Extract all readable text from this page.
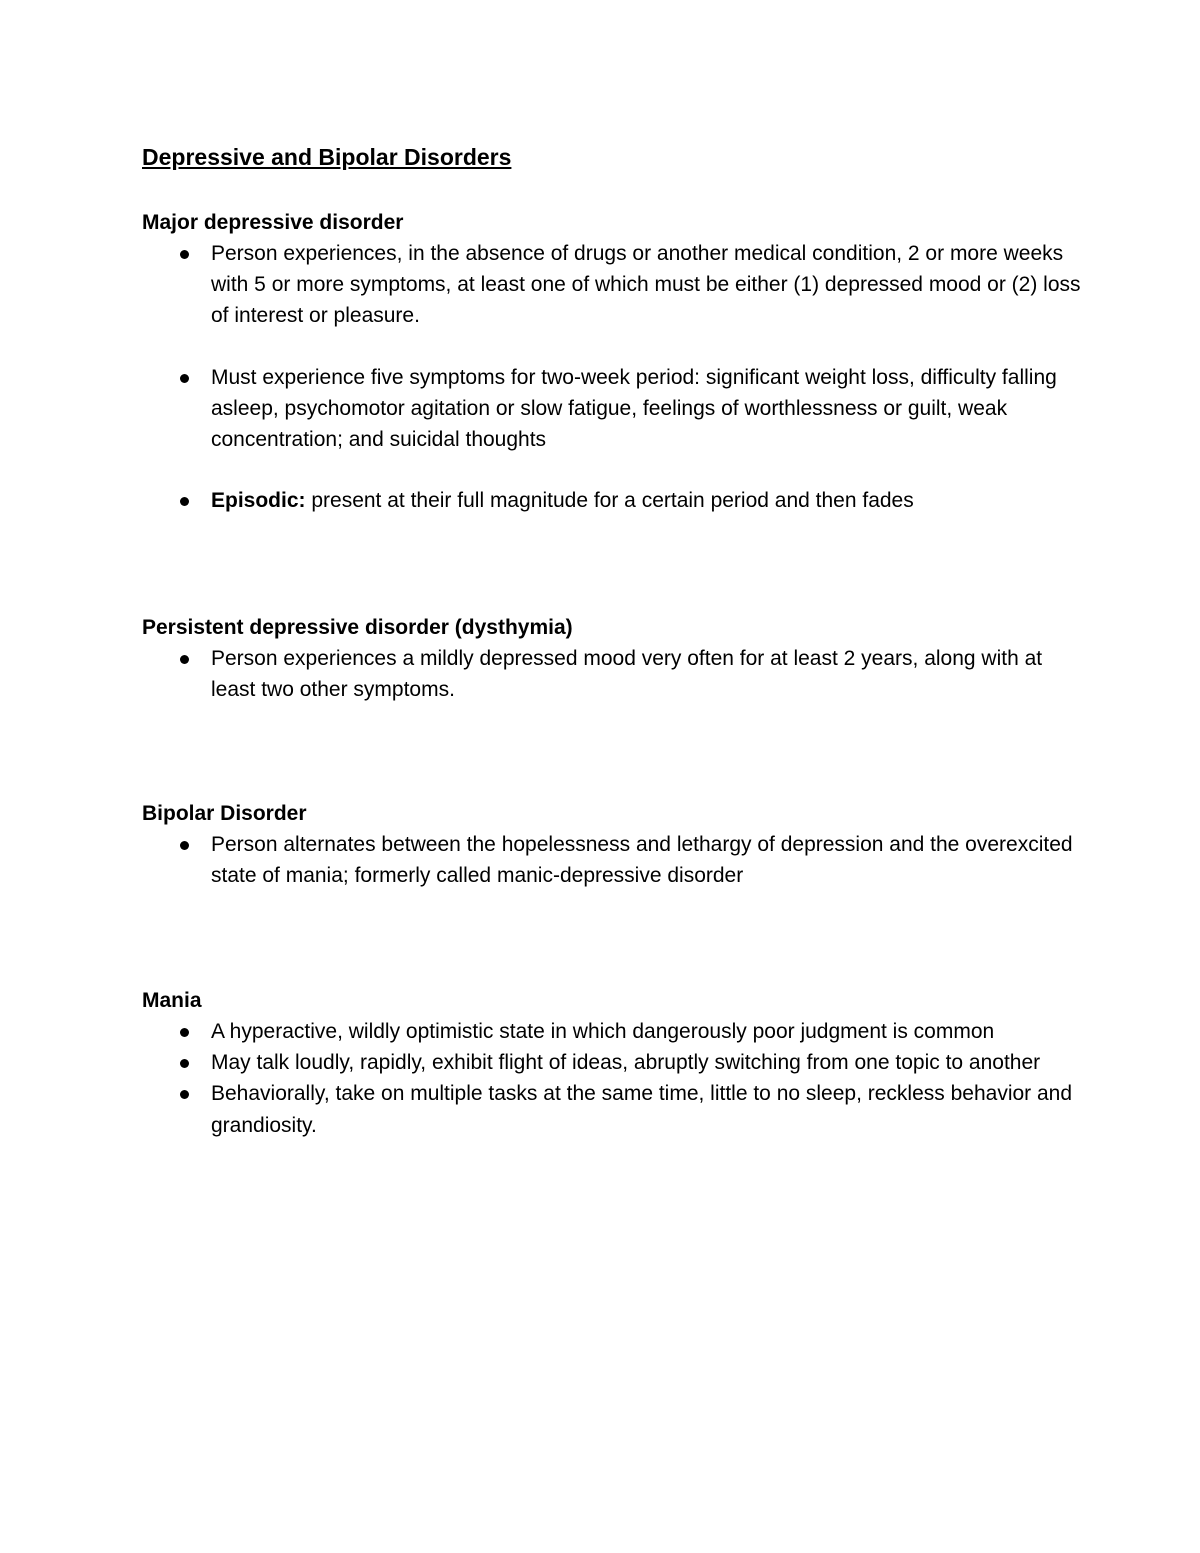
Depressive and Bipolar Disorders
Major depressive disorder
Person experiences, in the absence of drugs or another medical condition, 2 or more weeks with 5 or more symptoms, at least one of which must be either (1) depressed mood or (2) loss of interest or pleasure.
Must experience five symptoms for two-week period: significant weight loss, difficulty falling asleep, psychomotor agitation or slow fatigue, feelings of worthlessness or guilt, weak concentration; and suicidal thoughts
Episodic: present at their full magnitude for a certain period and then fades
Persistent depressive disorder (dysthymia)
Person experiences a mildly depressed mood very often for at least 2 years, along with at least two other symptoms.
Bipolar Disorder
Person alternates between the hopelessness and lethargy of depression and the overexcited state of mania; formerly called manic-depressive disorder
Mania
A hyperactive, wildly optimistic state in which dangerously poor judgment is common
May talk loudly, rapidly, exhibit flight of ideas, abruptly switching from one topic to another
Behaviorally, take on multiple tasks at the same time, little to no sleep, reckless behavior and grandiosity.
